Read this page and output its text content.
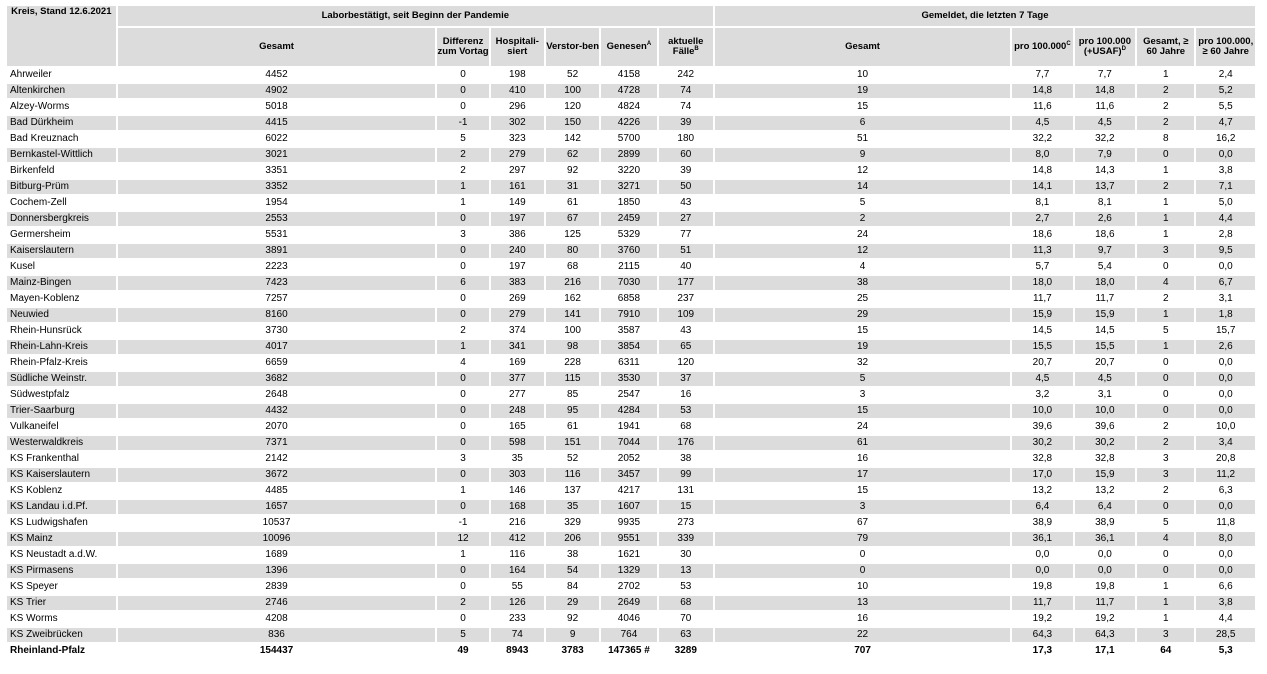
Kreis, Stand 12.6.2021	Laborbestätigt, seit Beginn der Pandemie						Gemeldet, die letzten 7 Tage				
	Gesamt	Differenz zum Vortag	Hospitali-siert	Verstor-ben	Genesen$^A$	aktuelle Fälle$^B$	Gesamt	pro $100.000^C$	pro 100.000 (+USAF)$^D$	Gesamt, ≥ 60 Jahre	pro 100.000, ≥ 60 Jahre
Ahrweiler	4452	0	198	52	4158	242	10	7,7	7,7	1	2,4
Altenkirchen	4902	0	410	100	4728	74	19	14,8	14,8	2	5,2
Alzey-Worms	5018	0	296	120	4824	74	15	11,6	11,6	2	5,5
Bad Dürkheim	4415	-1	302	150	4226	39	6	4,5	4,5	2	4,7
Bad Kreuznach	6022	5	323	142	5700	180	51	32,2	32,2	8	16,2
Bernkastel-Wittlich	3021	2	279	62	2899	60	9	8,0	7,9	0	0,0
Birkenfeld	3351	2	297	92	3220	39	12	14,8	14,3	1	3,8
Bitburg-Prüm	3352	1	161	31	3271	50	14	14,1	13,7	2	7,1
Cochem-Zell	1954	1	149	61	1850	43	5	8,1	8,1	1	5,0
Donnersbergkreis	2553	0	197	67	2459	27	2	2,7	2,6	1	4,4
Germersheim	5531	3	386	125	5329	77	24	18,6	18,6	1	2,8
Kaiserslautern	3891	0	240	80	3760	51	12	11,3	9,7	3	9,5
Kusel	2223	0	197	68	2115	40	4	5,7	5,4	0	0,0
Mainz-Bingen	7423	6	383	216	7030	177	38	18,0	18,0	4	6,7
Mayen-Koblenz	7257	0	269	162	6858	237	25	11,7	11,7	2	3,1
Neuwied	8160	0	279	141	7910	109	29	15,9	15,9	1	1,8
Rhein-Hunsrück	3730	2	374	100	3587	43	15	14,5	14,5	5	15,7
Rhein-Lahn-Kreis	4017	1	341	98	3854	65	19	15,5	15,5	1	2,6
Rhein-Pfalz-Kreis	6659	4	169	228	6311	120	32	20,7	20,7	0	0,0
Südliche Weinstr.	3682	0	377	115	3530	37	5	4,5	4,5	0	0,0
Südwestpfalz	2648	0	277	85	2547	16	3	3,2	3,1	0	0,0
Trier-Saarburg	4432	0	248	95	4284	53	15	10,0	10,0	0	0,0
Vulkaneifel	2070	0	165	61	1941	68	24	39,6	39,6	2	10,0
Westerwaldkreis	7371	0	598	151	7044	176	61	30,2	30,2	2	3,4
KS Frankenthal	2142	3	35	52	2052	38	16	32,8	32,8	3	20,8
KS Kaiserslautern	3672	0	303	116	3457	99	17	17,0	15,9	3	11,2
KS Koblenz	4485	1	146	137	4217	131	15	13,2	13,2	2	6,3
KS Landau i.d.Pf.	1657	0	168	35	1607	15	3	6,4	6,4	0	0,0
KS Ludwigshafen	10537	-1	216	329	9935	273	67	38,9	38,9	5	11,8
KS Mainz	10096	12	412	206	9551	339	79	36,1	36,1	4	8,0
KS Neustadt a.d.W.	1689	1	116	38	1621	30	0	0,0	0,0	0	0,0
KS Pirmasens	1396	0	164	54	1329	13	0	0,0	0,0	0	0,0
KS Speyer	2839	0	55	84	2702	53	10	19,8	19,8	1	6,6
KS Trier	2746	2	126	29	2649	68	13	11,7	11,7	1	3,8
KS Worms	4208	0	233	92	4046	70	16	19,2	19,2	1	4,4
KS Zweibrücken	836	5	74	9	764	63	22	64,3	64,3	3	28,5
Rheinland-Pfalz	154437	49	8943	3783	147365 #	3289	707	17,3	17,1	64	5,3
